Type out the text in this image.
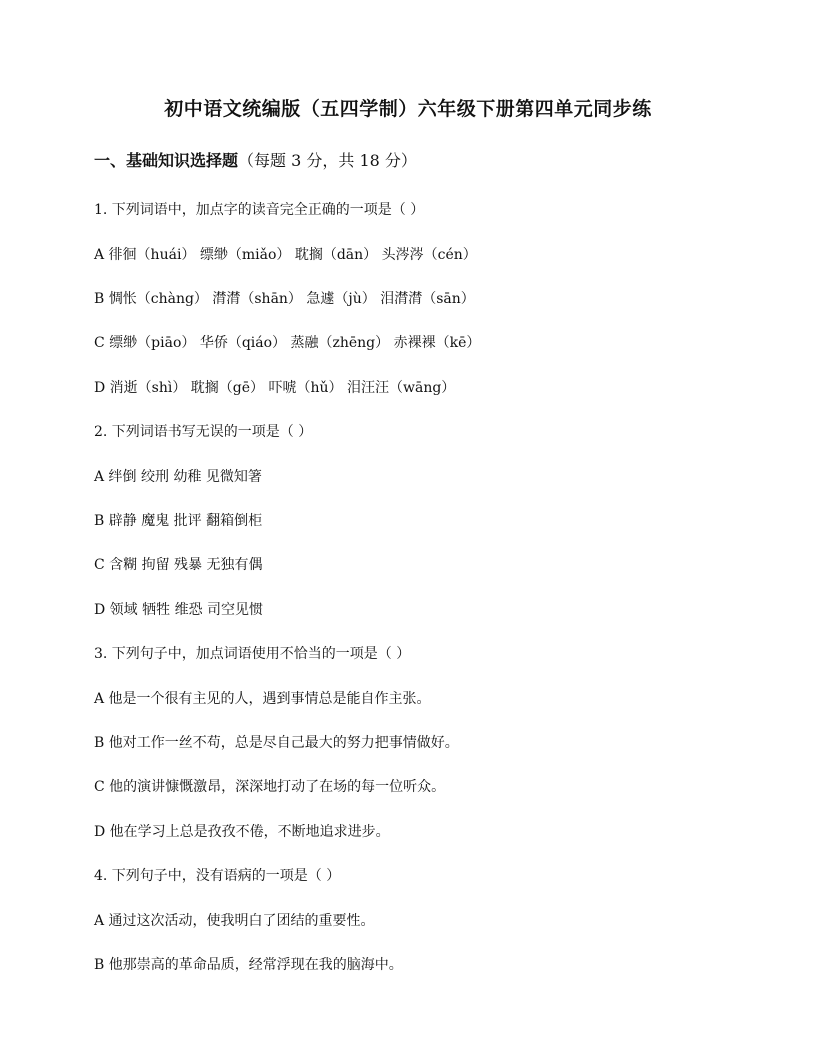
初中语文统编版（五四学制）六年级下册第四单元同步练
一、基础知识选择题（每题 3 分，共 18 分）
1. 下列词语中，加点字的读音完全正确的一项是（ ）
A 徘徊（huái） 缥缈（miǎo） 耽搁（dān） 头涔涔（cén）
B 惆怅（chàng） 潸潸（shān） 急遽（jù） 泪潸潸（sān）
C 缥缈（piāo） 华侨（qiáo） 蒸融（zhēng） 赤裸裸（kē）
D 消逝（shì） 耽搁（gē） 吓唬（hǔ） 泪汪汪（wāng）
2. 下列词语书写无误的一项是（ ）
A 绊倒 绞刑 幼稚 见微知箸
B 辟静 魔鬼 批评 翻箱倒柜
C 含糊 拘留 残暴 无独有偶
D 领域 牺牲 维恐 司空见惯
3. 下列句子中，加点词语使用不恰当的一项是（ ）
A 他是一个很有主见的人，遇到事情总是能自作主张。
B 他对工作一丝不苟，总是尽自己最大的努力把事情做好。
C 他的演讲慷慨激昂，深深地打动了在场的每一位听众。
D 他在学习上总是孜孜不倦，不断地追求进步。
4. 下列句子中，没有语病的一项是（ ）
A 通过这次活动，使我明白了团结的重要性。
B 他那崇高的革命品质，经常浮现在我的脑海中。
